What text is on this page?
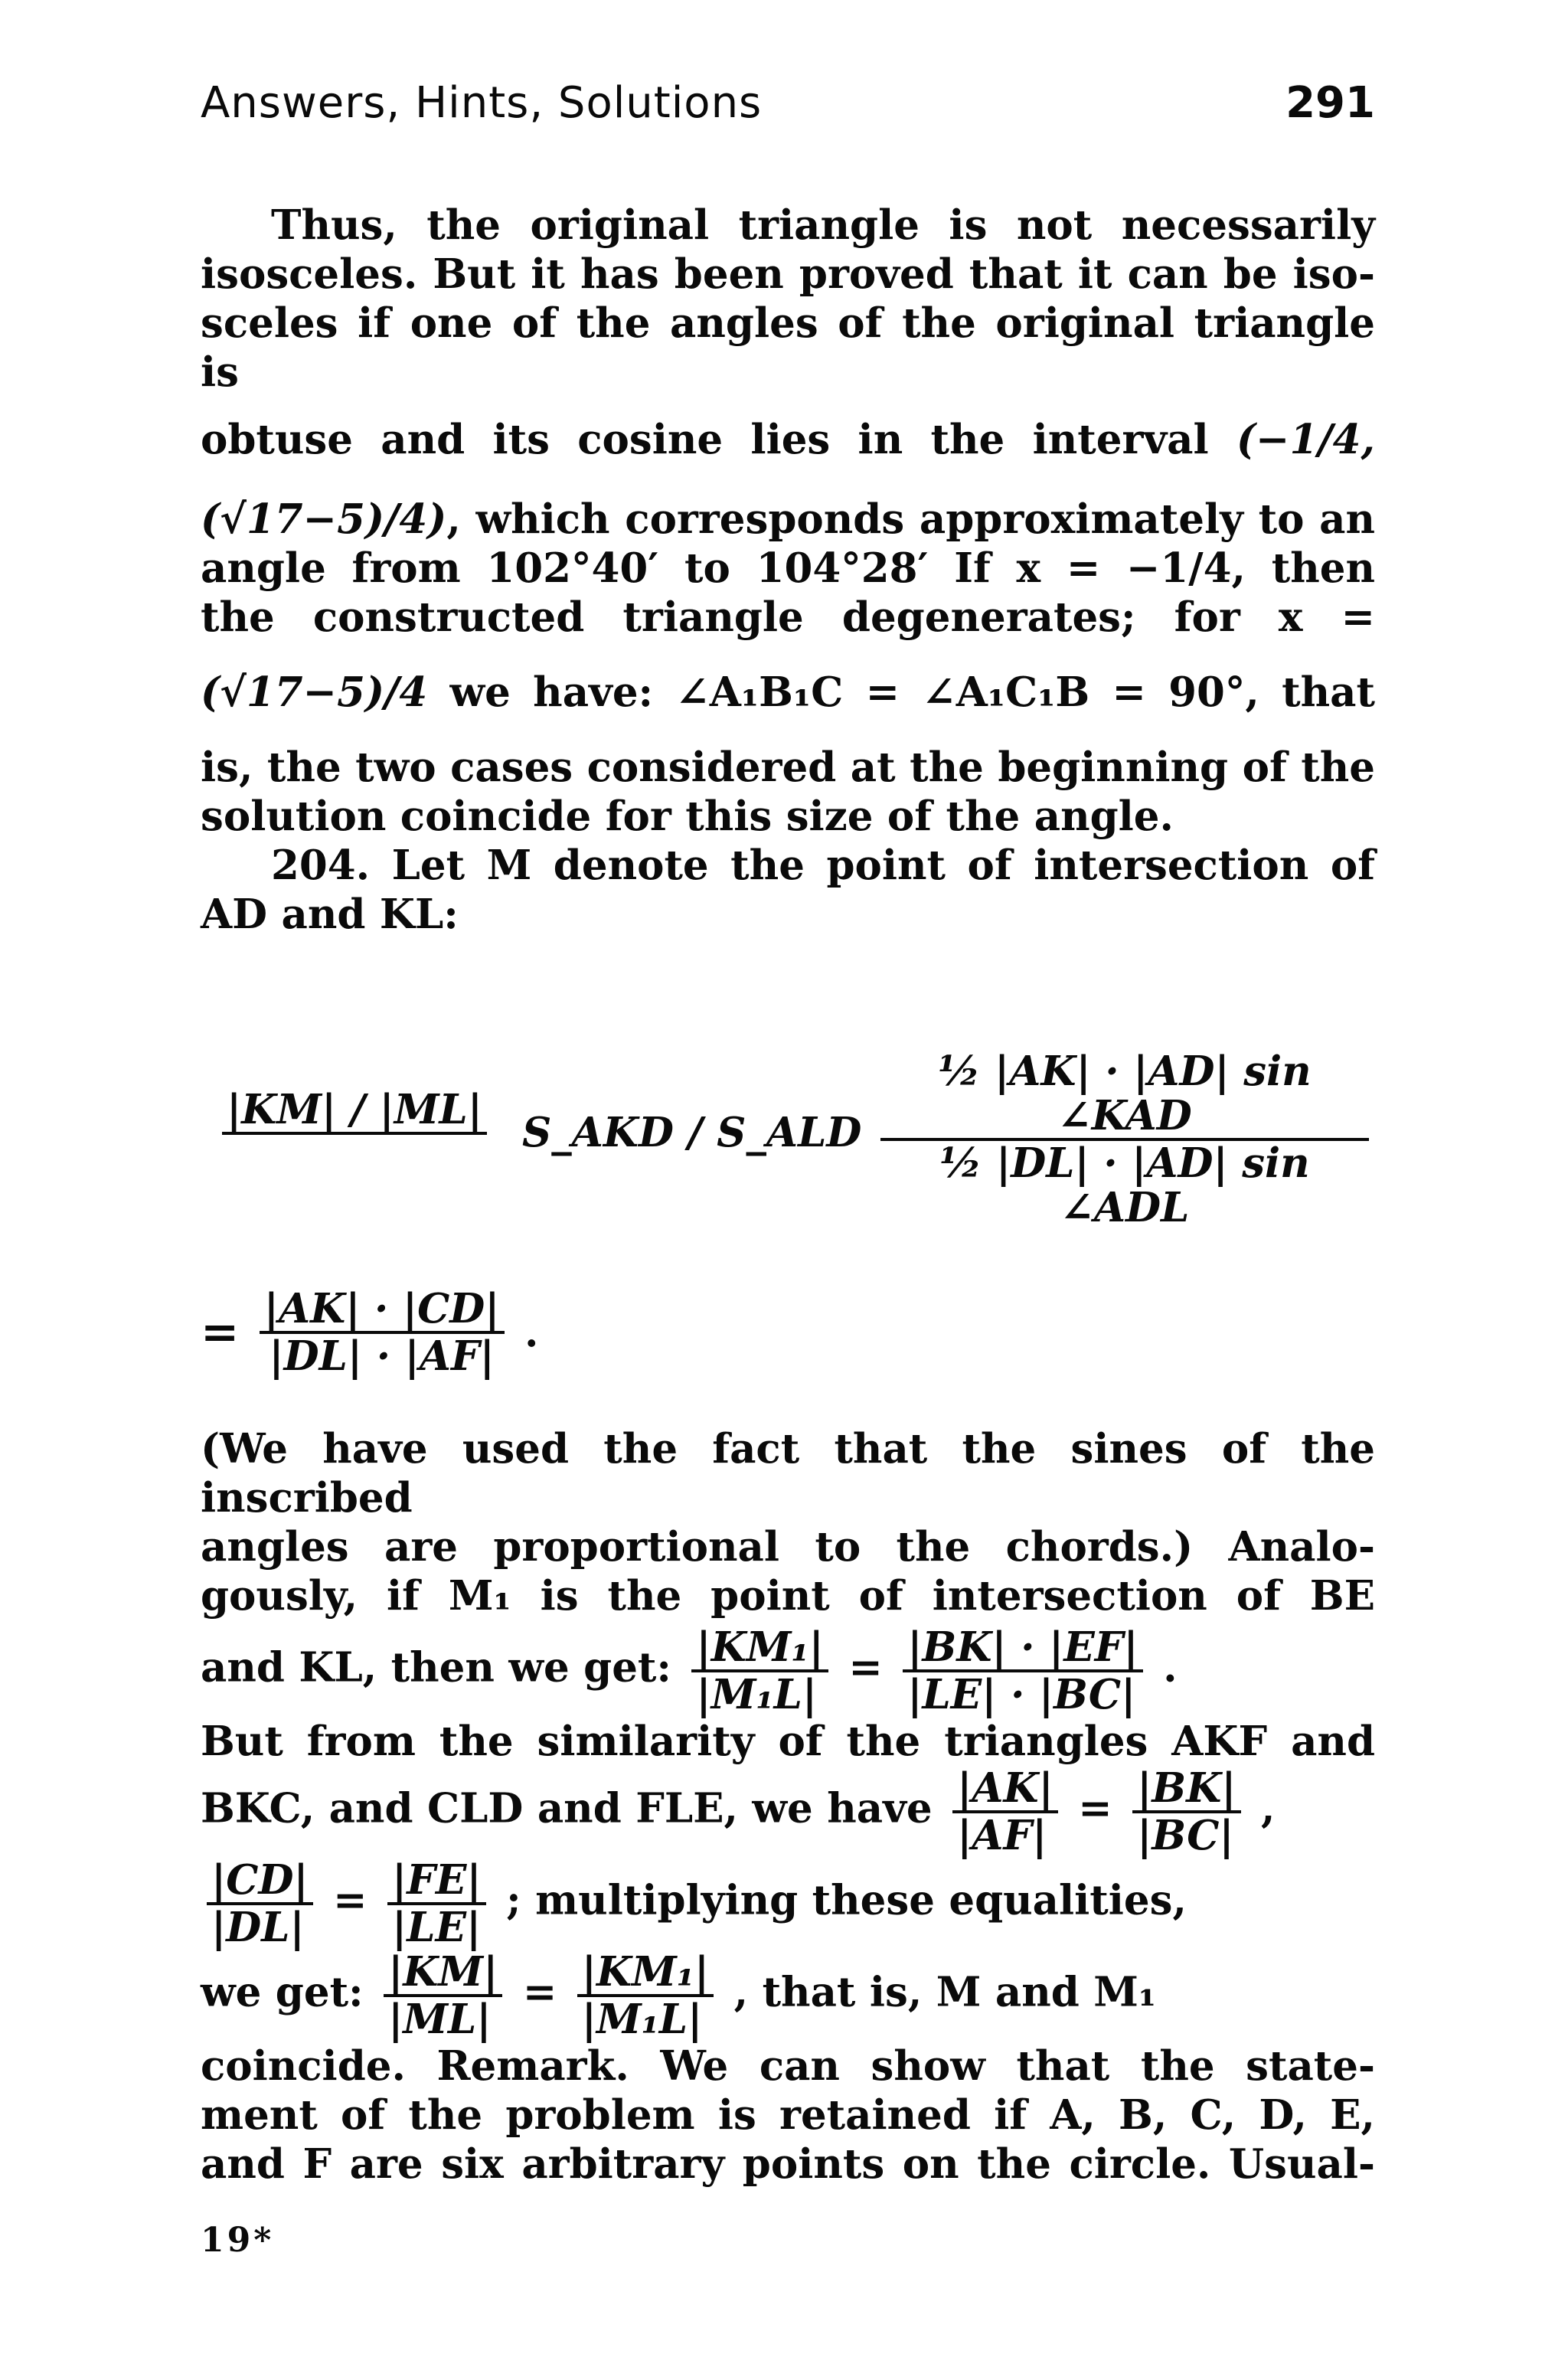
Answers, Hints, Solutions	291

Thus, the original triangle is not necessarily

isosceles. But it has been proved that it can be iso-

sceles if one of the angles of the original triangle is

obtuse and its cosine lies in the interval (−1/4,

(√17−5)/4), which corresponds approximately to an

angle from 102°40′ to 104°28′ If x = −1/4, then

the constructed triangle degenerates; for x =

(√17−5)/4 we have: ∠A₁B₁C = ∠A₁C₁B = 90°, that

is, the two cases considered at the beginning of the

solution coincide for this size of the angle.

204. Let M denote the point of intersection of

AD and KL:

|KM| / |ML| S_AKD / S_ALD
½ |AK| · |AD| sin ∠KAD
½ |DL| · |AD| sin ∠ADL
= $\frac{|AK| \cdot |CD|}{|DL| \cdot |AF|}$ .

(We have used the fact that the sines of the inscribed

angles are proportional to the chords.) Analo-

gously, if M₁ is the point of intersection of BE

and KL, then we get: $\frac{\text{|KM₁|}}{\text{|M₁L|}} = \frac{|BK| \cdot |EF|}{|LE| \cdot |BC|}$ .

But from the similarity of the triangles AKF and

BKC, and CLD and FLE, we have $\frac{|AK|}{|AF|} = \frac{|BK|}{|BC|}$ ,

$\frac{|CD|}{|DL|} = \frac{|FE|}{|LE|}$ ; multiplying these equalities,

we get: $\frac{|KM|}{|ML|} = \frac{\text{|KM₁|}}{\text{|M₁L|}}$ , that is, M and M₁

coincide. Remark. We can show that the state-

ment of the problem is retained if A, B, C, D, E,

and F are six arbitrary points on the circle. Usual-

19*
